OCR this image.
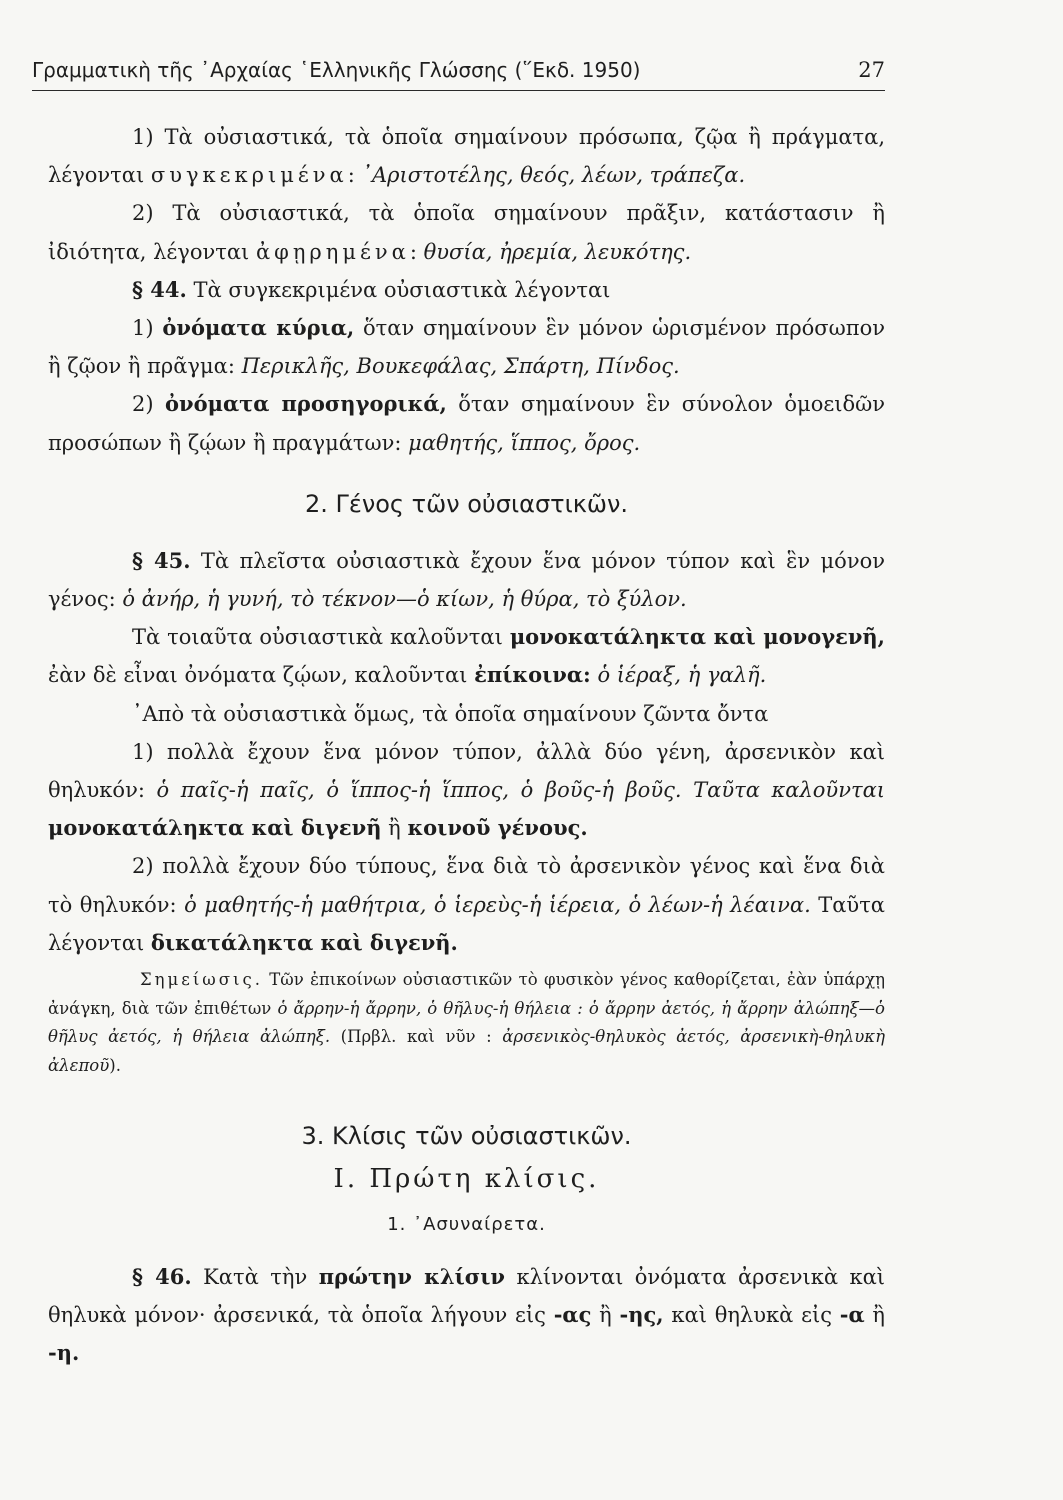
Γραμματικὴ τῆς ᾿Αρχαίας ῾Ελληνικῆς Γλώσσης (῞Εκδ. 1950)	27

1) Τὰ οὐσιαστικά, τὰ ὁποῖα σημαίνουν πρόσωπα, ζῷα ἢ πράγματα, λέγονται συγκεκριμένα: ᾿Αριστοτέλης, θεός, λέων, τράπεζα.

2) Τὰ οὐσιαστικά, τὰ ὁποῖα σημαίνουν πρᾶξιν, κατάστασιν ἢ ἰδιότητα, λέγονται ἀφῃρημένα: θυσία, ἠρεμία, λευκότης.

§ 44. Τὰ συγκεκριμένα οὐσιαστικὰ λέγονται

1) ὀνόματα κύρια, ὅταν σημαίνουν ἓν μόνον ὡρισμένον πρόσωπον ἢ ζῷον ἢ πρᾶγμα: Περικλῆς, Βουκεφάλας, Σπάρτη, Πίνδος.

2) ὀνόματα προσηγορικά, ὅταν σημαίνουν ἓν σύνολον ὁμοειδῶν προσώπων ἢ ζῴων ἢ πραγμάτων: μαθητής, ἵππος, ὄρος.

2. Γένος τῶν οὐσιαστικῶν.

§ 45. Τὰ πλεῖστα οὐσιαστικὰ ἔχουν ἕνα μόνον τύπον καὶ ἓν μόνον γένος: ὁ ἀνήρ, ἡ γυνή, τὸ τέκνον—ὁ κίων, ἡ θύρα, τὸ ξύλον.

Τὰ τοιαῦτα οὐσιαστικὰ καλοῦνται μονοκατάληκτα καὶ μονογενῆ, ἐὰν δὲ εἶναι ὀνόματα ζῴων, καλοῦνται ἐπίκοινα: ὁ ἱέραξ, ἡ γαλῆ.

᾿Απὸ τὰ οὐσιαστικὰ ὅμως, τὰ ὁποῖα σημαίνουν ζῶντα ὄντα

1) πολλὰ ἔχουν ἕνα μόνον τύπον, ἀλλὰ δύο γένη, ἀρσενικὸν καὶ θηλυκόν: ὁ παῖς-ἡ παῖς, ὁ ἵππος-ἡ ἵππος, ὁ βοῦς-ἡ βοῦς. Ταῦτα καλοῦνται μονοκατάληκτα καὶ διγενῆ ἢ κοινοῦ γένους.

2) πολλὰ ἔχουν δύο τύπους, ἕνα διὰ τὸ ἀρσενικὸν γένος καὶ ἕνα διὰ τὸ θηλυκόν: ὁ μαθητής-ἡ μαθήτρια, ὁ ἱερεὺς-ἡ ἱέρεια, ὁ λέων-ἡ λέαινα. Ταῦτα λέγονται δικατάληκτα καὶ διγενῆ.

Σημείωσις. Τῶν ἐπικοίνων οὐσιαστικῶν τὸ φυσικὸν γένος καθορίζεται, ἐὰν ὑπάρχῃ ἀνάγκη, διὰ τῶν ἐπιθέτων ὁ ἄρρην-ἡ ἄρρην, ὁ θῆλυς-ἡ θήλεια : ὁ ἄρρην ἀετός, ἡ ἄρρην ἀλώπηξ—ὁ θῆλυς ἀετός, ἡ θήλεια ἀλώπηξ. (Πρβλ. καὶ νῦν : ἀρσενικὸς-θηλυκὸς ἀετός, ἀρσενικὴ-θηλυκὴ ἀλεποῦ).

3. Κλίσις τῶν οὐσιαστικῶν.
Ι. Πρώτη κλίσις.
1. ᾿Ασυναίρετα.

§ 46. Κατὰ τὴν πρώτην κλίσιν κλίνονται ὀνόματα ἀρσενικὰ καὶ θηλυκὰ μόνον· ἀρσενικά, τὰ ὁποῖα λήγουν εἰς -ας ἢ -ης, καὶ θηλυκὰ εἰς -α ἢ -η.
